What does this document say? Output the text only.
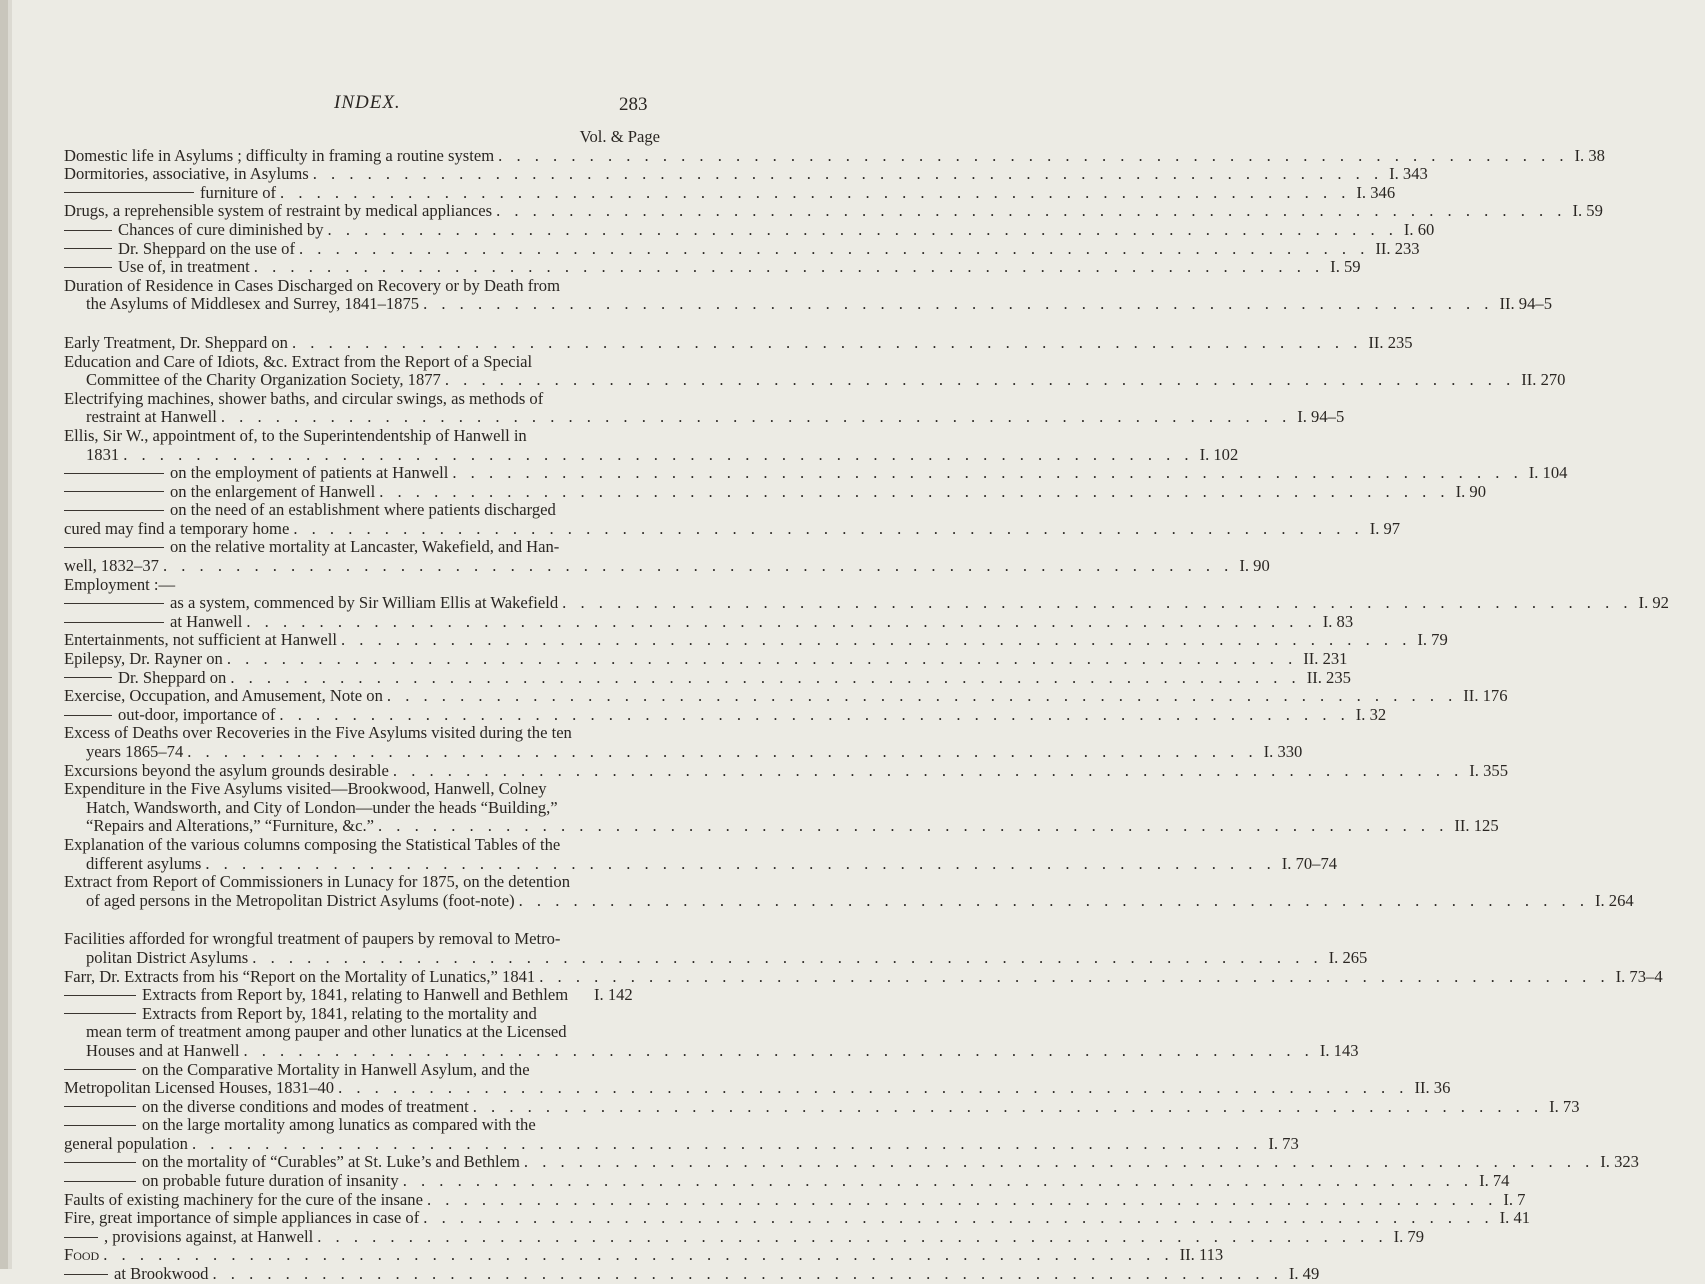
INDEX.	283
Vol. & Page
Domestic life in Asylums ; difficulty in framing a routine system . . .	I. 38
Dormitories, associative, in Asylums . . .	I. 343
furniture of . . .	I. 346
Drugs, a reprehensible system of restraint by medical appliances . . .	I. 59
Chances of cure diminished by . . .	I. 60
Dr. Sheppard on the use of . . .	II. 233
Use of, in treatment . . .	I. 59
Duration of Residence in Cases Discharged on Recovery or by Death from
the Asylums of Middlesex and Surrey, 1841–1875 . . .	II. 94–5
Early Treatment, Dr. Sheppard on . . .	II. 235
Education and Care of Idiots, &c. Extract from the Report of a Special
Committee of the Charity Organization Society, 1877 . . .	II. 270
Electrifying machines, shower baths, and circular swings, as methods of
restraint at Hanwell . . .	I. 94–5
Ellis, Sir W., appointment of, to the Superintendentship of Hanwell in
1831 . . .	I. 102
on the employment of patients at Hanwell . . .	I. 104
on the enlargement of Hanwell . . .	I. 90
on the need of an establishment where patients discharged
cured may find a temporary home . . .	I. 97
on the relative mortality at Lancaster, Wakefield, and Han-
well, 1832–37 . . .	I. 90
Employment :—
as a system, commenced by Sir William Ellis at Wakefield . . .	I. 92
at Hanwell . . .	I. 83
Entertainments, not sufficient at Hanwell . . .	I. 79
Epilepsy, Dr. Rayner on . . .	II. 231
Dr. Sheppard on . . .	II. 235
Exercise, Occupation, and Amusement, Note on . . .	II. 176
out-door, importance of . . .	I. 32
Excess of Deaths over Recoveries in the Five Asylums visited during the ten
years 1865–74 . . .	I. 330
Excursions beyond the asylum grounds desirable . . .	I. 355
Expenditure in the Five Asylums visited—Brookwood, Hanwell, Colney
Hatch, Wandsworth, and City of London—under the heads “Building,”
“Repairs and Alterations,” “Furniture, &c.” . . .	II. 125
Explanation of the various columns composing the Statistical Tables of the
different asylums . . .	I. 70–74
Extract from Report of Commissioners in Lunacy for 1875, on the detention
of aged persons in the Metropolitan District Asylums (foot-note) . . .	I. 264
Facilities afforded for wrongful treatment of paupers by removal to Metro-
politan District Asylums . . .	I. 265
Farr, Dr. Extracts from his “Report on the Mortality of Lunatics,” 1841 . . .	I. 73–4
Extracts from Report by, 1841, relating to Hanwell and Bethlem	I. 142
Extracts from Report by, 1841, relating to the mortality and
mean term of treatment among pauper and other lunatics at the Licensed
Houses and at Hanwell . . .	I. 143
on the Comparative Mortality in Hanwell Asylum, and the
Metropolitan Licensed Houses, 1831–40 . . .	II. 36
on the diverse conditions and modes of treatment . . .	I. 73
on the large mortality among lunatics as compared with the
general population . . .	I. 73
on the mortality of “Curables” at St. Luke’s and Bethlem . . .	I. 323
on probable future duration of insanity . . .	I. 74
Faults of existing machinery for the cure of the insane . . .	I. 7
Fire, great importance of simple appliances in case of . . .	I. 41
, provisions against, at Hanwell . . .	I. 79
Food . . .	II. 113
at Brookwood . . .	I. 49
